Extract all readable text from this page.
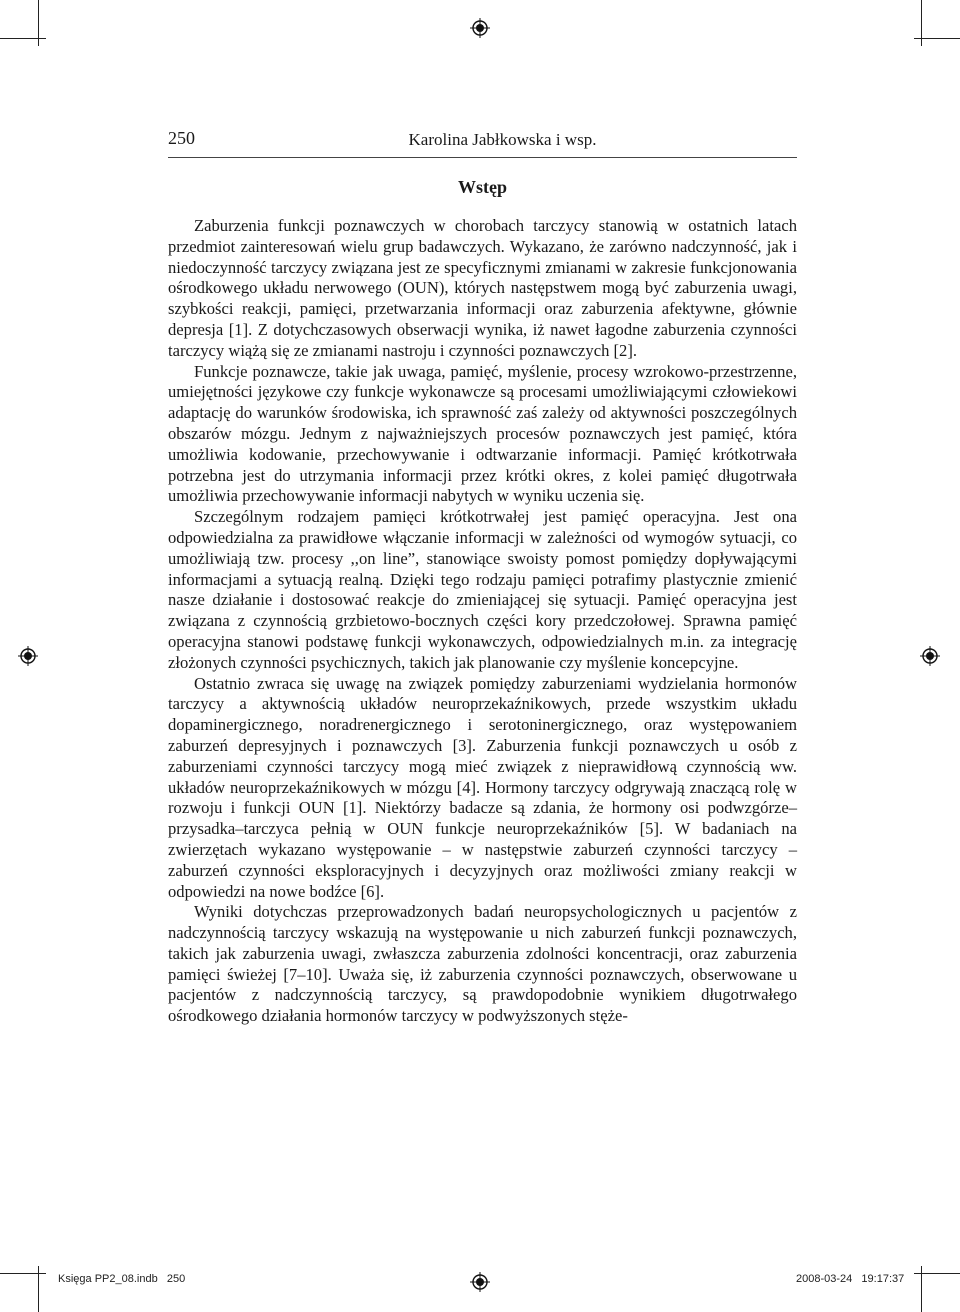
250	Karolina Jabłkowska i wsp.
Wstęp

Zaburzenia funkcji poznawczych w chorobach tarczycy stanowią w ostatnich latach przedmiot zainteresowań wielu grup badawczych. Wykazano, że zarówno nadczynność, jak i niedoczynność tarczycy związana jest ze specyficznymi zmianami w zakresie funkcjonowania ośrodkowego układu nerwowego (OUN), których następstwem mogą być zaburzenia uwagi, szybkości reakcji, pamięci, przetwarzania informacji oraz zaburzenia afektywne, głównie depresja [1]. Z dotychczasowych obserwacji wynika, iż nawet łagodne zaburzenia czynności tarczycy wiążą się ze zmianami nastroju i czynności poznawczych [2].

Funkcje poznawcze, takie jak uwaga, pamięć, myślenie, procesy wzrokowo-przestrzenne, umiejętności językowe czy funkcje wykonawcze są procesami umożliwiającymi człowiekowi adaptację do warunków środowiska, ich sprawność zaś zależy od aktywności poszczególnych obszarów mózgu. Jednym z najważniejszych procesów poznawczych jest pamięć, która umożliwia kodowanie, przechowywanie i odtwarzanie informacji. Pamięć krótkotrwała potrzebna jest do utrzymania informacji przez krótki okres, z kolei pamięć długotrwała umożliwia przechowywanie informacji nabytych w wyniku uczenia się.

Szczególnym rodzajem pamięci krótkotrwałej jest pamięć operacyjna. Jest ona odpowiedzialna za prawidłowe włączanie informacji w zależności od wymogów sytuacji, co umożliwiają tzw. procesy ,,on line”, stanowiące swoisty pomost pomiędzy dopływającymi informacjami a sytuacją realną. Dzięki tego rodzaju pamięci potrafimy plastycznie zmienić nasze działanie i dostosować reakcje do zmieniającej się sytuacji. Pamięć operacyjna jest związana z czynnością grzbietowo-bocznych części kory przedczołowej. Sprawna pamięć operacyjna stanowi podstawę funkcji wykonawczych, odpowiedzialnych m.in. za integrację złożonych czynności psychicznych, takich jak planowanie czy myślenie koncepcyjne.

Ostatnio zwraca się uwagę na związek pomiędzy zaburzeniami wydzielania hormonów tarczycy a aktywnością układów neuroprzekaźnikowych, przede wszystkim układu dopaminergicznego, noradrenergicznego i serotoninergicznego, oraz występowaniem zaburzeń depresyjnych i poznawczych [3]. Zaburzenia funkcji poznawczych u osób z zaburzeniami czynności tarczycy mogą mieć związek z nieprawidłową czynnością ww. układów neuroprzekaźnikowych w mózgu [4]. Hormony tarczycy odgrywają znaczącą rolę w rozwoju i funkcji OUN [1]. Niektórzy badacze są zdania, że hormony osi podwzgórze–przysadka–tarczyca pełnią w OUN funkcje neuroprzekaźników [5]. W badaniach na zwierzętach wykazano występowanie – w następstwie zaburzeń czynności tarczycy – zaburzeń czynności eksploracyjnych i decyzyjnych oraz możliwości zmiany reakcji w odpowiedzi na nowe bodźce [6].

Wyniki dotychczas przeprowadzonych badań neuropsychologicznych u pacjentów z nadczynnością tarczycy wskazują na występowanie u nich zaburzeń funkcji poznawczych, takich jak zaburzenia uwagi, zwłaszcza zaburzenia zdolności koncentracji, oraz zaburzenia pamięci świeżej [7–10]. Uważa się, iż zaburzenia czynności poznawczych, obserwowane u pacjentów z nadczynnością tarczycy, są prawdopodobnie wynikiem długotrwałego ośrodkowego działania hormonów tarczycy w podwyższonych stęże-

Księga PP2_08.indb   250	2008-03-24   19:17:37
